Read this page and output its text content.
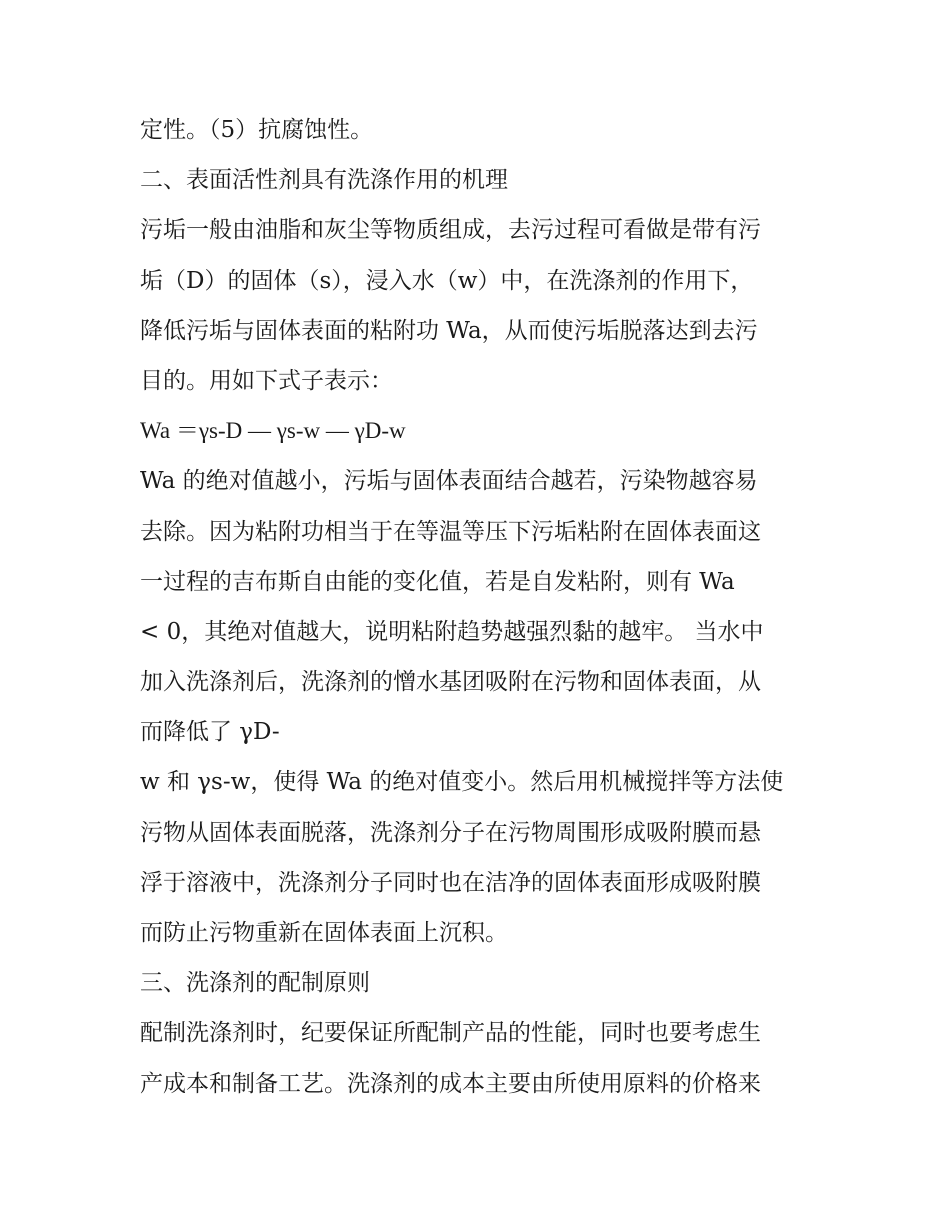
定性。（5）抗腐蚀性。
二、表面活性剂具有洗涤作用的机理
污垢一般由油脂和灰尘等物质组成，去污过程可看做是带有污
垢（D）的固体（s），浸入水（w）中，在洗涤剂的作用下，
降低污垢与固体表面的粘附功 Wa，从而使污垢脱落达到去污
目的。用如下式子表示：
Wa ＝γs-D — γs-w — γD-w
Wa 的绝对值越小，污垢与固体表面结合越若，污染物越容易
去除。因为粘附功相当于在等温等压下污垢粘附在固体表面这
一过程的吉布斯自由能的变化值，若是自发粘附，则有 Wa
< 0，其绝对值越大，说明粘附趋势越强烈黏的越牢。 当水中
加入洗涤剂后，洗涤剂的憎水基团吸附在污物和固体表面，从
而降低了 γD-
w 和 γs-w，使得 Wa 的绝对值变小。然后用机械搅拌等方法使
污物从固体表面脱落，洗涤剂分子在污物周围形成吸附膜而悬
浮于溶液中，洗涤剂分子同时也在洁净的固体表面形成吸附膜
而防止污物重新在固体表面上沉积。
三、洗涤剂的配制原则
配制洗涤剂时，纪要保证所配制产品的性能，同时也要考虑生
产成本和制备工艺。洗涤剂的成本主要由所使用原料的价格来
